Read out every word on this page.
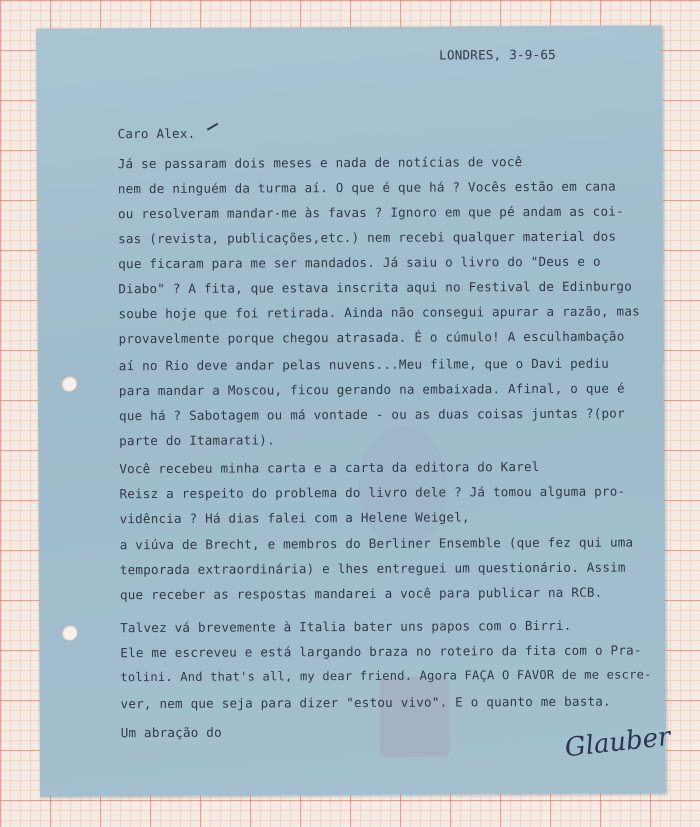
LONDRES, 3-9-65

Caro Alex.

Já se passaram dois meses e nada de notícias de você

nem de ninguém da turma aí. O que é que há ? Vocês estão em cana

ou resolveram mandar-me às favas ? Ignoro em que pé andam as coi-

sas (revista, publicações,etc.) nem recebi qualquer material dos

que ficaram para me ser mandados. Já saiu o livro do "Deus e o

Diabo" ? A fita, que estava inscrita aqui no Festival de Edinburgo

soube hoje que foi retirada. Ainda não consegui apurar a razão, mas

provavelmente porque chegou atrasada. É o cúmulo! A esculhambação

aí no Rio deve andar pelas nuvens...Meu filme, que o Davi pediu

para mandar a Moscou, ficou gerando na embaixada. Afinal, o que é

que há ? Sabotagem ou má vontade - ou as duas coisas juntas ?(por

parte do Itamarati).

Você recebeu minha carta e a carta da editora do Karel

Reisz a respeito do problema do livro dele ? Já tomou alguma pro-

vidência ? Há dias falei com a Helene Weigel,

a viúva de Brecht, e membros do Berliner Ensemble (que fez qui uma

temporada extraordinária) e lhes entreguei um questionário. Assim

que receber as respostas mandarei a você para publicar na RCB.

Talvez vá brevemente à Italia bater uns papos com o Birri.

Ele me escreveu e está largando braza no roteiro da fita com o Pra-

tolini. And that's all, my dear friend. Agora FAÇA O FAVOR de me escre-

ver, nem que seja para dizer "estou vivo". E o quanto me basta.

Um abração do	Glauber
